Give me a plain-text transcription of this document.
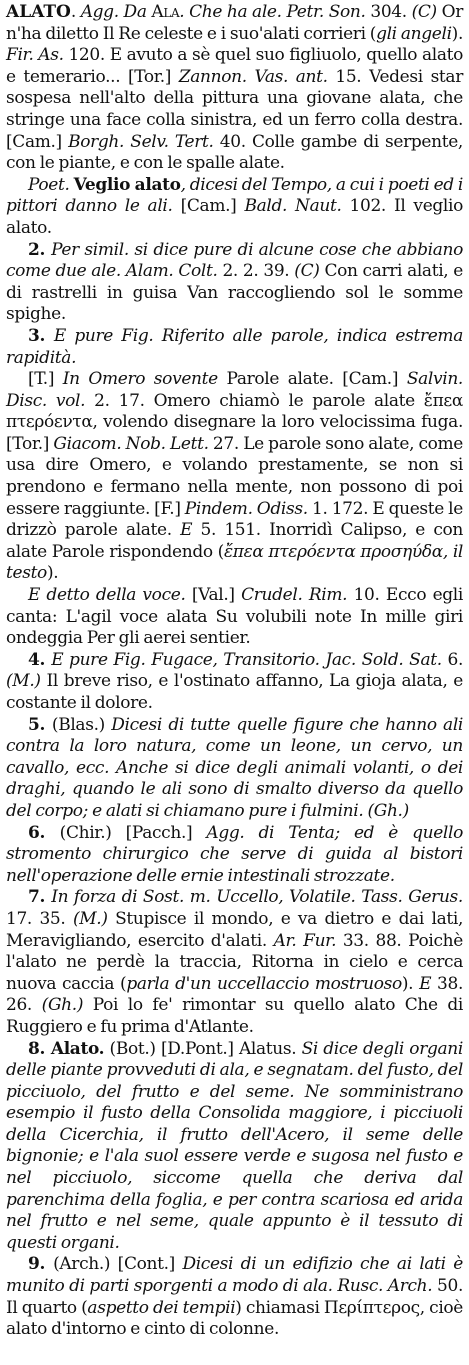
ALATO. Agg. Da Ala. Che ha ale. Petr. Son. 304. (C) Or n'ha diletto Il Re celeste e i suo'alati corrieri (gli angeli). Fir. As. 120. E avuto a sè quel suo figliuolo, quello alato e temerario... [Tor.] Zannon. Vas. ant. 15. Vedesi star sospesa nell'alto della pittura una giovane alata, che stringe una face colla sinistra, ed un ferro colla destra. [Cam.] Borgh. Selv. Tert. 40. Colle gambe di serpente, con le piante, e con le spalle alate.

Poet. Veglio alato, dicesi del Tempo, a cui i poeti ed i pittori danno le ali. [Cam.] Bald. Naut. 102. Il veglio alato.

2. Per simil. si dice pure di alcune cose che abbiano come due ale. Alam. Colt. 2. 2. 39. (C) Con carri alati, e di rastrelli in guisa Van raccogliendo sol le somme spighe.

3. E pure Fig. Riferito alle parole, indica estrema rapidità.

[T.] In Omero sovente Parole alate. [Cam.] Salvin. Disc. vol. 2. 17. Omero chiamò le parole alate ἔπεα πτερόεντα, volendo disegnare la loro velocissima fuga. [Tor.] Giacom. Nob. Lett. 27. Le parole sono alate, come usa dire Omero, e volando prestamente, se non si prendono e fermano nella mente, non possono di poi essere raggiunte. [F.] Pindem. Odiss. 1. 172. E queste le drizzò parole alate. E 5. 151. Inorridì Calipso, e con alate Parole rispondendo (ἔπεα πτερόεντα προσηύδα, il testo).

E detto della voce. [Val.] Crudel. Rim. 10. Ecco egli canta: L'agil voce alata Su volubili note In mille giri ondeggia Per gli aerei sentier.

4. E pure Fig. Fugace, Transitorio. Jac. Sold. Sat. 6. (M.) Il breve riso, e l'ostinato affanno, La gioja alata, e costante il dolore.

5. (Blas.) Dicesi di tutte quelle figure che hanno ali contra la loro natura, come un leone, un cervo, un cavallo, ecc. Anche si dice degli animali volanti, o dei draghi, quando le ali sono di smalto diverso da quello del corpo; e alati si chiamano pure i fulmini. (Gh.)

6. (Chir.) [Pacch.] Agg. di Tenta; ed è quello stromento chirurgico che serve di guida al bistori nell'operazione delle ernie intestinali strozzate.

7. In forza di Sost. m. Uccello, Volatile. Tass. Gerus. 17. 35. (M.) Stupisce il mondo, e va dietro e dai lati, Meravigliando, esercito d'alati. Ar. Fur. 33. 88. Poichè l'alato ne perdè la traccia, Ritorna in cielo e cerca nuova caccia (parla d'un uccellaccio mostruoso). E 38. 26. (Gh.) Poi lo fe' rimontar su quello alato Che di Ruggiero e fu prima d'Atlante.

8. Alato. (Bot.) [D.Pont.] Alatus. Si dice degli organi delle piante provveduti di ala, e segnatam. del fusto, del picciuolo, del frutto e del seme. Ne somministrano esempio il fusto della Consolida maggiore, i picciuoli della Cicerchia, il frutto dell'Acero, il seme delle bignonie; e l'ala suol essere verde e sugosa nel fusto e nel picciuolo, siccome quella che deriva dal parenchima della foglia, e per contra scariosa ed arida nel frutto e nel seme, quale appunto è il tessuto di questi organi.

9. (Arch.) [Cont.] Dicesi di un edifizio che ai lati è munito di parti sporgenti a modo di ala. Rusc. Arch. 50. Il quarto (aspetto dei tempii) chiamasi Περίπτερος, cioè alato d'intorno e cinto di colonne.
